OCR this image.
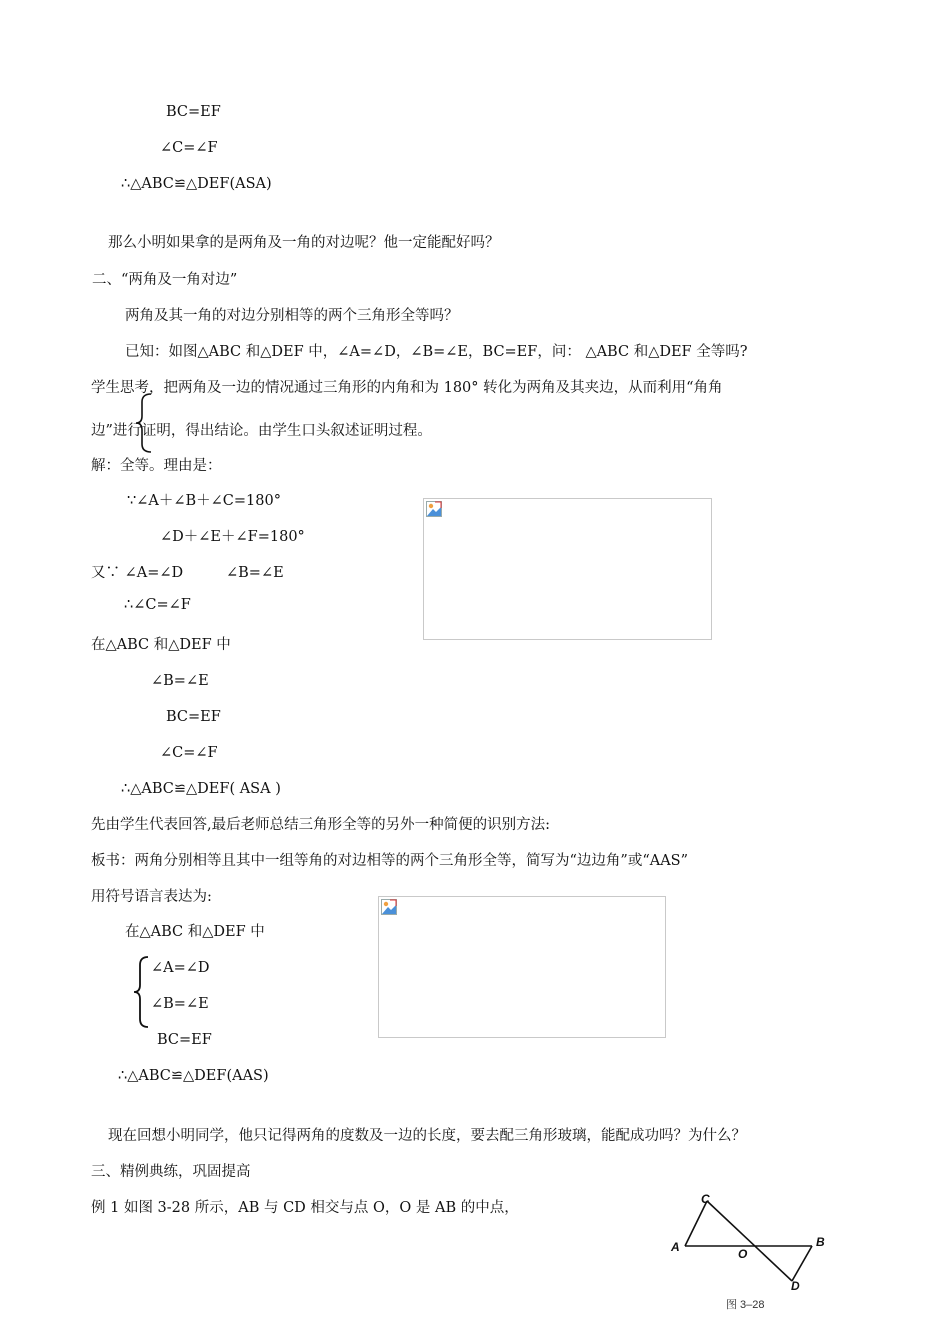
BC=EF
∠C=∠F
∴△ABC≌△DEF(ASA)
那么小明如果拿的是两角及一角的对边呢？他一定能配好吗？
二、“两角及一角对边”
两角及其一角的对边分别相等的两个三角形全等吗？
已知：如图△ABC 和△DEF 中，∠A=∠D，∠B=∠E，BC=EF，问： △ABC 和△DEF 全等吗?
学生思考，把两角及一边的情况通过三角形的内角和为 180° 转化为两角及其夹边，从而利用“角角
边”进行证明，得出结论。由学生口头叙述证明过程。
解：全等。理由是：
∵∠A＋∠B＋∠C=180°
∠D＋∠E＋∠F=180°
又∵ ∠A=∠D	∠B=∠E
∴∠C=∠F
在△ABC 和△DEF 中
∠B=∠E
BC=EF
∠C=∠F
∴△ABC≌△DEF( ASA )
先由学生代表回答,最后老师总结三角形全等的另外一种简便的识别方法:
板书：两角分别相等且其中一组等角的对边相等的两个三角形全等，简写为“边边角”或“AAS”
用符号语言表达为:
在△ABC 和△DEF 中
∠A=∠D
∠B=∠E
BC=EF
∴△ABC≌△DEF(AAS)
现在回想小明同学，他只记得两角的度数及一边的长度，要去配三角形玻璃，能配成功吗？为什么？
三、精例典练，巩固提高
例 1 如图 3-28 所示，AB 与 CD 相交与点 O，O 是 AB 的中点，
C
A	O
B
D
图 3–28
